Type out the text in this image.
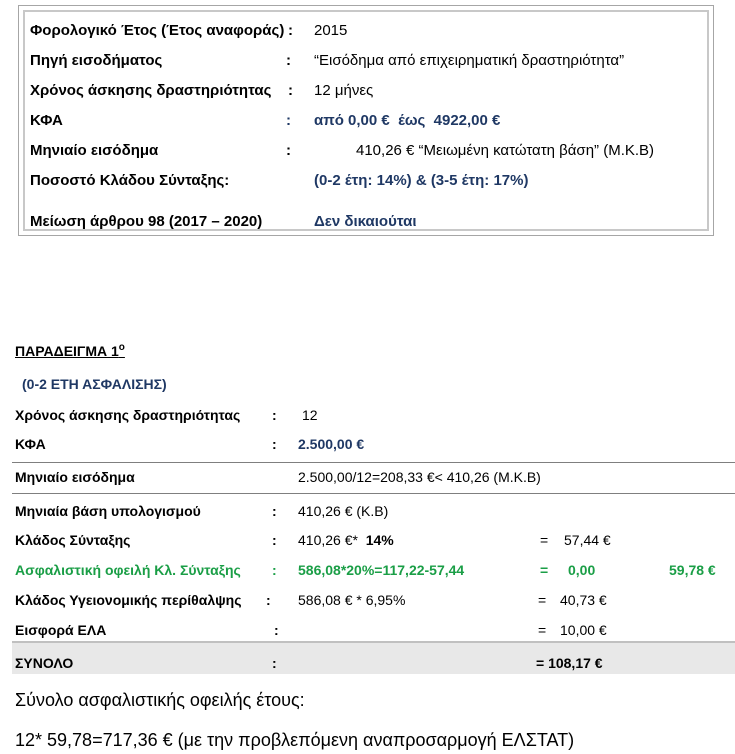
Φορολογικό Έτος (Έτος αναφοράς) : 2015
Πηγή εισοδήματος	: “Εισόδημα από επιχειρηματική δραστηριότητα”
Χρόνος άσκησης δραστηριότητας : 12 μήνες
ΚΦΑ	: από 0,00 €  έως  4922,00 €
Μηνιαίο εισόδημα	:	410,26 € “Μειωμένη κατώτατη βάση” (Μ.Κ.Β)
Ποσοστό Κλάδου Σύνταξης:	(0-2 έτη: 14%) & (3-5 έτη: 17%)
Μείωση άρθρου 98 (2017 – 2020)	Δεν δικαιούται
ΠΑΡΑΔΕΙΓΜΑ $1^o$
(0-2 ΕΤΗ ΑΣΦΑΛΙΣΗΣ)
Χρόνος άσκησης δραστηριότητας : 12
ΚΦΑ	: 2.500,00 €
Μηνιαίο εισόδημα	2.500,00/12=208,33 €< 410,26 (Μ.Κ.Β)
Μηνιαία βάση υπολογισμού	: 410,26 € (Κ.Β)
Κλάδος Σύνταξης	: 410,26 €* 14%	= 57,44 €
Ασφαλιστική οφειλή Κλ. Σύνταξης : 586,08*20%=117,22-57,44	= 0,00	59,78 €
Κλάδος Υγειονομικής περίθαλψης : 586,08 € * 6,95%	= 40,73 €
Εισφορά ΕΛΑ	:	= 10,00 €
ΣΥΝΟΛΟ	:	= 108,17 €
Σύνολο ασφαλιστικής οφειλής έτους:
12* 59,78=717,36 € (με την προβλεπόμενη αναπροσαρμογή ΕΛΣΤΑΤ)
